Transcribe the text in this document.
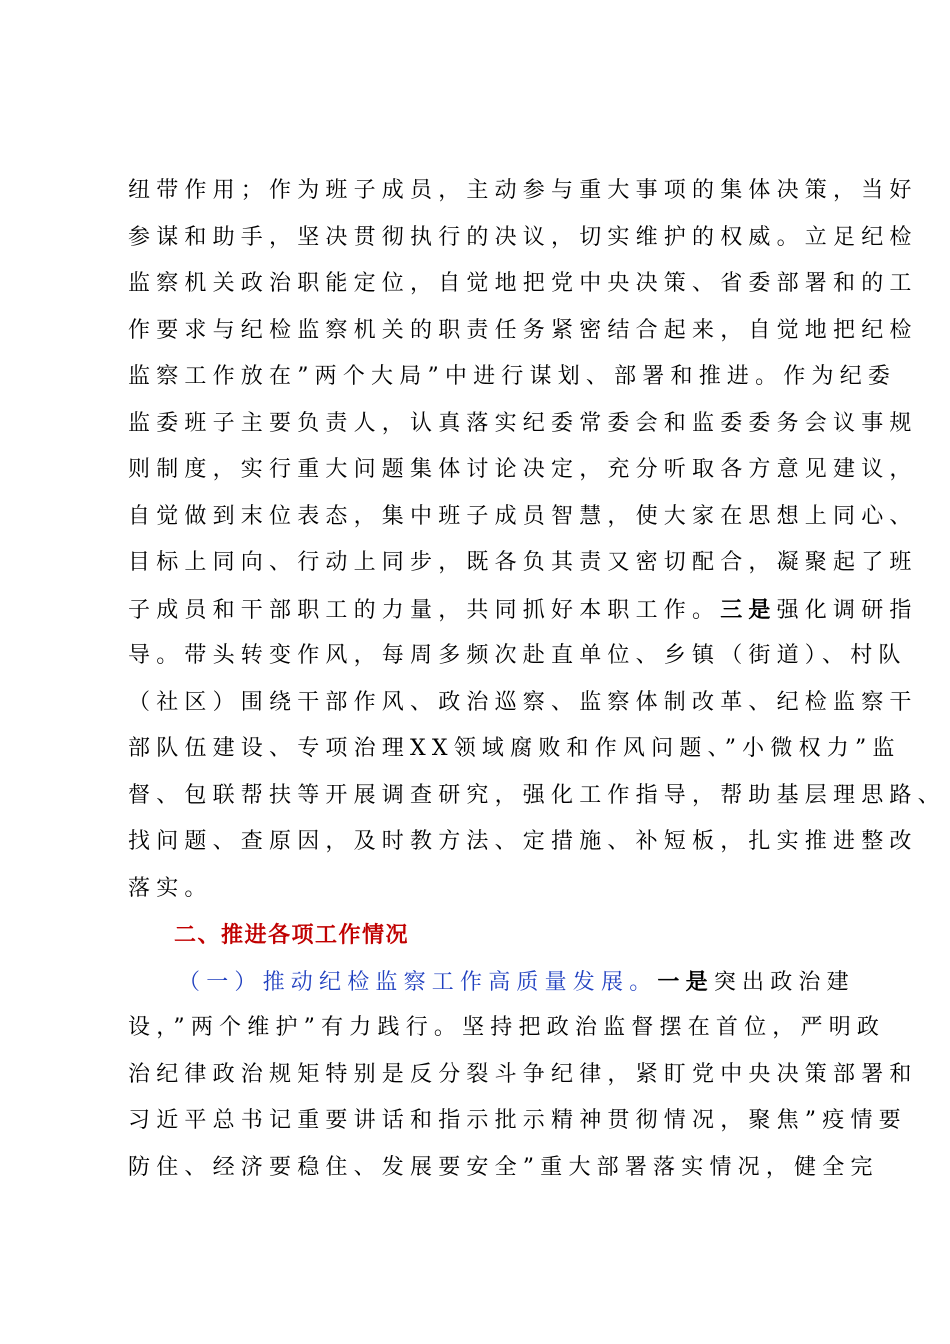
纽带作用；作为班子成员，主动参与重大事项的集体决策，当好
参谋和助手，坚决贯彻执行的决议，切实维护的权威。立足纪检
监察机关政治职能定位，自觉地把党中央决策、省委部署和的工
作要求与纪检监察机关的职责任务紧密结合起来，自觉地把纪检
监察工作放在”两个大局”中进行谋划、部署和推进。作为纪委
监委班子主要负责人，认真落实纪委常委会和监委委务会议事规
则制度，实行重大问题集体讨论决定，充分听取各方意见建议，
自觉做到末位表态，集中班子成员智慧，使大家在思想上同心、
目标上同向、行动上同步，既各负其责又密切配合，凝聚起了班
子成员和干部职工的力量，共同抓好本职工作。三是强化调研指
导。带头转变作风，每周多频次赴直单位、乡镇（街道）、村队
（社区）围绕干部作风、政治巡察、监察体制改革、纪检监察干
部队伍建设、专项治理XX领域腐败和作风问题、”小微权力”监
督、包联帮扶等开展调查研究，强化工作指导，帮助基层理思路、
找问题、查原因，及时教方法、定措施、补短板，扎实推进整改
落实。
二、推进各项工作情况
（一）推动纪检监察工作高质量发展。一是突出政治建
设，”两个维护”有力践行。坚持把政治监督摆在首位，严明政
治纪律政治规矩特别是反分裂斗争纪律，紧盯党中央决策部署和
习近平总书记重要讲话和指示批示精神贯彻情况，聚焦”疫情要
防住、经济要稳住、发展要安全”重大部署落实情况，健全完
